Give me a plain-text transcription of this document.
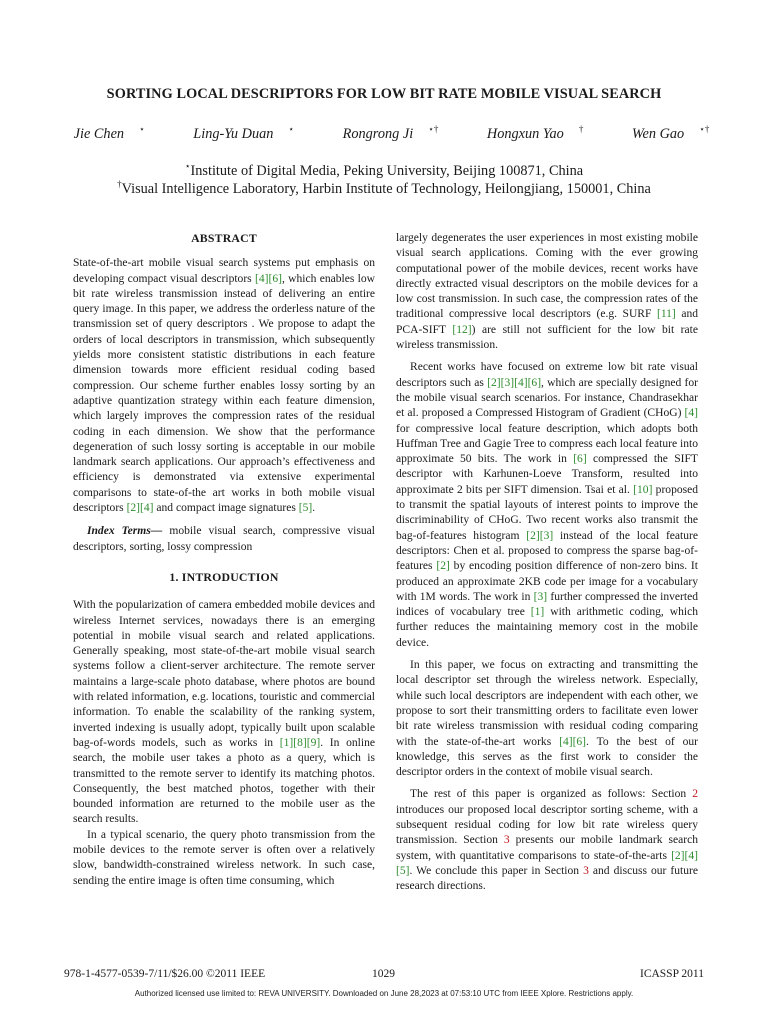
SORTING LOCAL DESCRIPTORS FOR LOW BIT RATE MOBILE VISUAL SEARCH
Jie Chen ⋆	Ling-Yu Duan ⋆	Rongrong Ji ⋆†	Hongxun Yao †	Wen Gao ⋆†
⋆Institute of Digital Media, Peking University, Beijing 100871, China
†Visual Intelligence Laboratory, Harbin Institute of Technology, Heilongjiang, 150001, China
ABSTRACT

State-of-the-art mobile visual search systems put emphasis on developing compact visual descriptors [4][6], which enables low bit rate wireless transmission instead of delivering an entire query image. In this paper, we address the orderless nature of the transmission set of query descriptors . We propose to adapt the orders of local descriptors in transmission, which subsequently yields more consistent statistic distributions in each feature dimension towards more efficient residual coding based compression. Our scheme further enables lossy sorting by an adaptive quantization strategy within each feature dimension, which largely improves the compression rates of the residual coding in each dimension. We show that the performance degeneration of such lossy sorting is acceptable in our mobile landmark search applications. Our approach’s effectiveness and efficiency is demonstrated via extensive experimental comparisons to state-of-the art works in both mobile visual descriptors [2][4] and compact image signatures [5].

Index Terms— mobile visual search, compressive visual descriptors, sorting, lossy compression

1. INTRODUCTION

With the popularization of camera embedded mobile devices and wireless Internet services, nowadays there is an emerging potential in mobile visual search and related applications. Generally speaking, most state-of-the-art mobile visual search systems follow a client-server architecture. The remote server maintains a large-scale photo database, where photos are bound with related information, e.g. locations, touristic and commercial information. To enable the scalability of the ranking system, inverted indexing is usually adopt, typically built upon scalable bag-of-words models, such as works in [1][8][9]. In online search, the mobile user takes a photo as a query, which is transmitted to the remote server to identify its matching photos. Consequently, the best matched photos, together with their bounded information are returned to the mobile user as the search results.

In a typical scenario, the query photo transmission from the mobile devices to the remote server is often over a relatively slow, bandwidth-constrained wireless network. In such case, sending the entire image is often time consuming, which

largely degenerates the user experiences in most existing mobile visual search applications. Coming with the ever growing computational power of the mobile devices, recent works have directly extracted visual descriptors on the mobile devices for a low cost transmission. In such case, the compression rates of the traditional compressive local descriptors (e.g. SURF [11] and PCA-SIFT [12]) are still not sufficient for the low bit rate wireless transmission.

Recent works have focused on extreme low bit rate visual descriptors such as [2][3][4][6], which are specially designed for the mobile visual search scenarios. For instance, Chandrasekhar et al. proposed a Compressed Histogram of Gradient (CHoG) [4] for compressive local feature description, which adopts both Huffman Tree and Gagie Tree to compress each local feature into approximate 50 bits. The work in [6] compressed the SIFT descriptor with Karhunen-Loeve Transform, resulted into approximate 2 bits per SIFT dimension. Tsai et al. [10] proposed to transmit the spatial layouts of interest points to improve the discriminability of CHoG. Two recent works also transmit the bag-of-features histogram [2][3] instead of the local feature descriptors: Chen et al. proposed to compress the sparse bag-of-features [2] by encoding position difference of non-zero bins. It produced an approximate 2KB code per image for a vocabulary with 1M words. The work in [3] further compressed the inverted indices of vocabulary tree [1] with arithmetic coding, which further reduces the maintaining memory cost in the mobile device.

In this paper, we focus on extracting and transmitting the local descriptor set through the wireless network. Especially, while such local descriptors are independent with each other, we propose to sort their transmitting orders to facilitate even lower bit rate wireless transmission with residual coding comparing with the state-of-the-art works [4][6]. To the best of our knowledge, this serves as the first work to consider the descriptor orders in the context of mobile visual search.

The rest of this paper is organized as follows: Section 2 introduces our proposed local descriptor sorting scheme, with a subsequent residual coding for low bit rate wireless query transmission. Section 3 presents our mobile landmark search system, with quantitative comparisons to state-of-the-arts [2][4][5]. We conclude this paper in Section 3 and discuss our future research directions.

978-1-4577-0539-7/11/$26.00 ©2011 IEEE	1029	ICASSP 2011
Authorized licensed use limited to: REVA UNIVERSITY. Downloaded on June 28,2023 at 07:53:10 UTC from IEEE Xplore. Restrictions apply.
